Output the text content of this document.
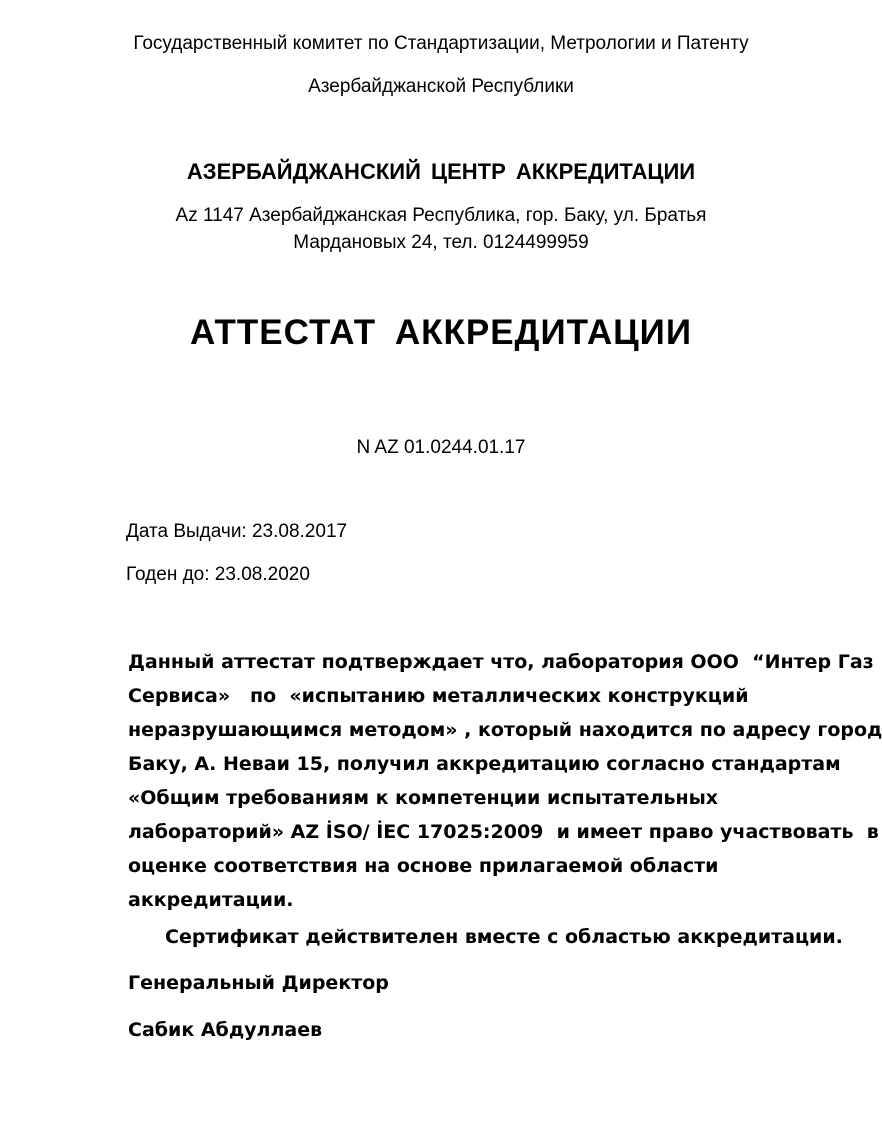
Государственный комитет по Стандартизации, Метрологии и Патенту
Азербайджанской Республики
АЗЕРБАЙДЖАНСКИЙ ЦЕНТР АККРЕДИТАЦИИ
Az 1147 Азербайджанская Республика, гор. Баку, ул. Братья
Мардановых 24, тел. 0124499959
АТТЕСТАТ АККРЕДИТАЦИИ
N AZ 01.0244.01.17
Дата Выдачи: 23.08.2017
Годен до: 23.08.2020
Данный аттестат подтверждает что, лаборатория ООО  “Интер Газ
Сервиса»   по  «испытанию металлических конструкций
неразрушающимся методом» , который находится по адресу город
Баку, А. Неваи 15, получил аккредитацию согласно стандартам
«Общим требованиям к компетенции испытательных
лабораторий» AZ İSO/ İEC 17025:2009  и имеет право участвовать  в
оценке соответствия на основе прилагаемой области
аккредитации.
Сертификат действителен вместе с областью аккредитации.
Генеральный Директор
Сабик Абдуллаев
